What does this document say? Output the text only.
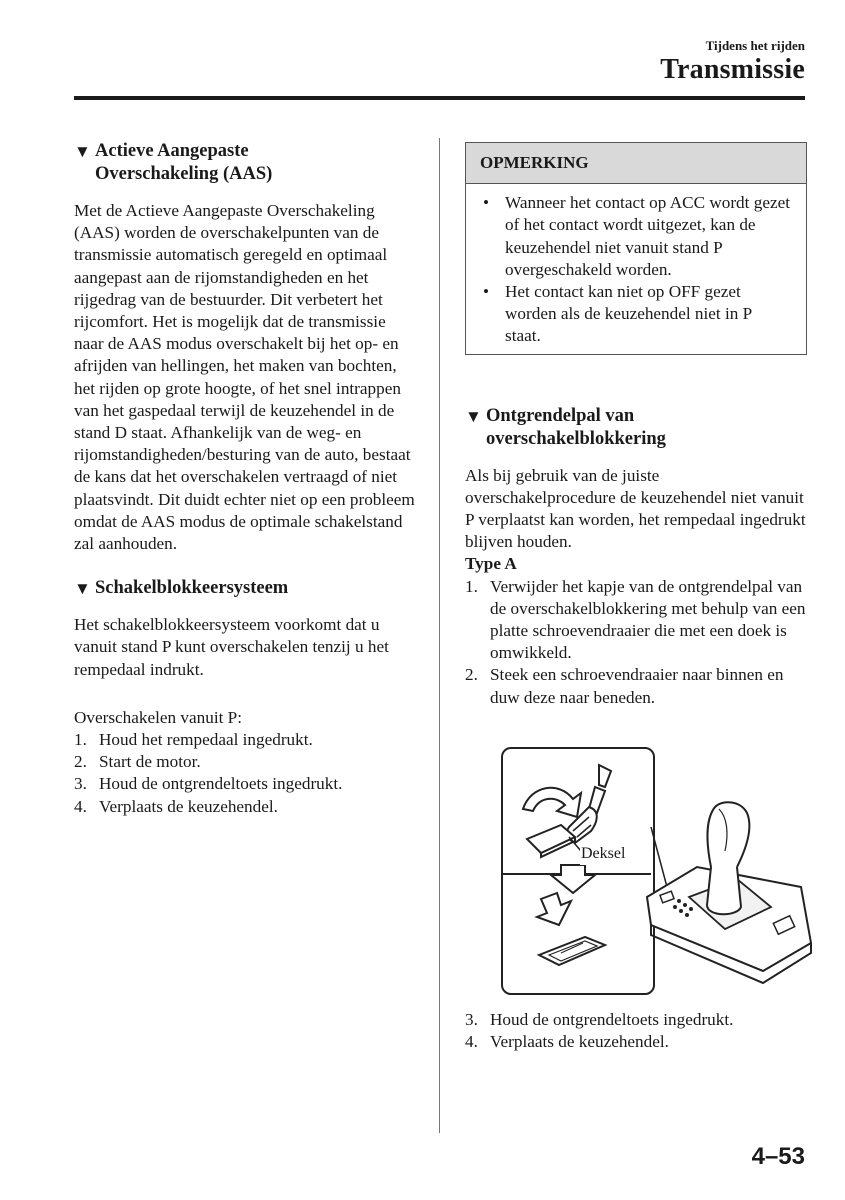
Tijdens het rijden
Transmissie
▼ Actieve Aangepaste
Overschakeling (AAS)

Met de Actieve Aangepaste Overschakeling (AAS) worden de overschakelpunten van de transmissie automatisch geregeld en optimaal aangepast aan de rijomstandigheden en het rijgedrag van de bestuurder. Dit verbetert het rijcomfort. Het is mogelijk dat de transmissie naar de AAS modus overschakelt bij het op- en afrijden van hellingen, het maken van bochten, het rijden op grote hoogte, of het snel intrappen van het gaspedaal terwijl de keuzehendel in de stand D staat. Afhankelijk van de weg- en rijomstandigheden/besturing van de auto, bestaat de kans dat het overschakelen vertraagd of niet plaatsvindt. Dit duidt echter niet op een probleem omdat de AAS modus de optimale schakelstand zal aanhouden.

▼ Schakelblokkeersysteem

Het schakelblokkeersysteem voorkomt dat u vanuit stand P kunt overschakelen tenzij u het rempedaal indrukt.

Overschakelen vanuit P:

1. Houd het rempedaal ingedrukt.
2. Start de motor.
3. Houd de ontgrendeltoets ingedrukt.
4. Verplaats de keuzehendel.
OPMERKING
• Wanneer het contact op ACC wordt gezet of het contact wordt uitgezet, kan de keuzehendel niet vanuit stand P overgeschakeld worden.
• Het contact kan niet op OFF gezet worden als de keuzehendel niet in P staat.
▼ Ontgrendelpal van
overschakelblokkering

Als bij gebruik van de juiste overschakelprocedure de keuzehendel niet vanuit P verplaatst kan worden, het rempedaal ingedrukt blijven houden.

Type A

1. Verwijder het kapje van de ontgrendelpal van de overschakelblokkering met behulp van een platte schroevendraaier die met een doek is omwikkeld.
2. Steek een schroevendraaier naar binnen en duw deze naar beneden.
Deksel
3. Houd de ontgrendeltoets ingedrukt.
4. Verplaats de keuzehendel.
4–53
